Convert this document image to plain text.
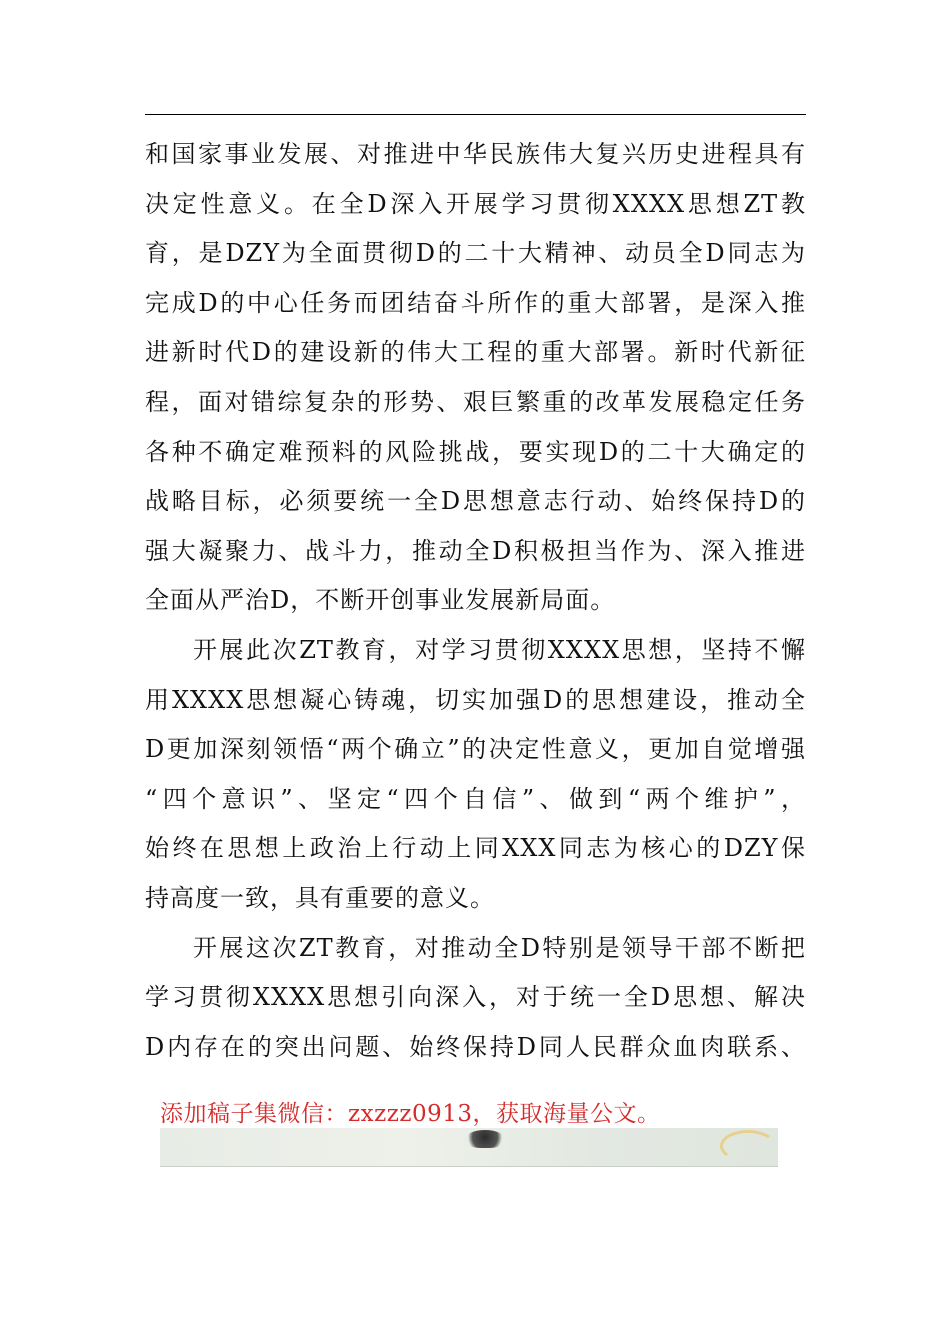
和国家事业发展、对推进中华民族伟大复兴历史进程具有
决定性意义。在全D深入开展学习贯彻XXXX思想ZT教
育，是DZY为全面贯彻D的二十大精神、动员全D同志为
完成D的中心任务而团结奋斗所作的重大部署，是深入推
进新时代D的建设新的伟大工程的重大部署。新时代新征
程，面对错综复杂的形势、艰巨繁重的改革发展稳定任务
各种不确定难预料的风险挑战，要实现D的二十大确定的
战略目标，必须要统一全D思想意志行动、始终保持D的
强大凝聚力、战斗力，推动全D积极担当作为、深入推进
全面从严治D，不断开创事业发展新局面。
开展此次ZT教育，对学习贯彻XXXX思想，坚持不懈
用XXXX思想凝心铸魂，切实加强D的思想建设，推动全
D更加深刻领悟“两个确立”的决定性意义，更加自觉增强
“四个意识”、坚定“四个自信”、做到“两个维护”，
始终在思想上政治上行动上同XXX同志为核心的DZY保
持高度一致，具有重要的意义。
开展这次ZT教育，对推动全D特别是领导干部不断把
学习贯彻XXXX思想引向深入，对于统一全D思想、解决
D内存在的突出问题、始终保持D同人民群众血肉联系、
添加稿子集微信：zxzzz0913，获取海量公文。
